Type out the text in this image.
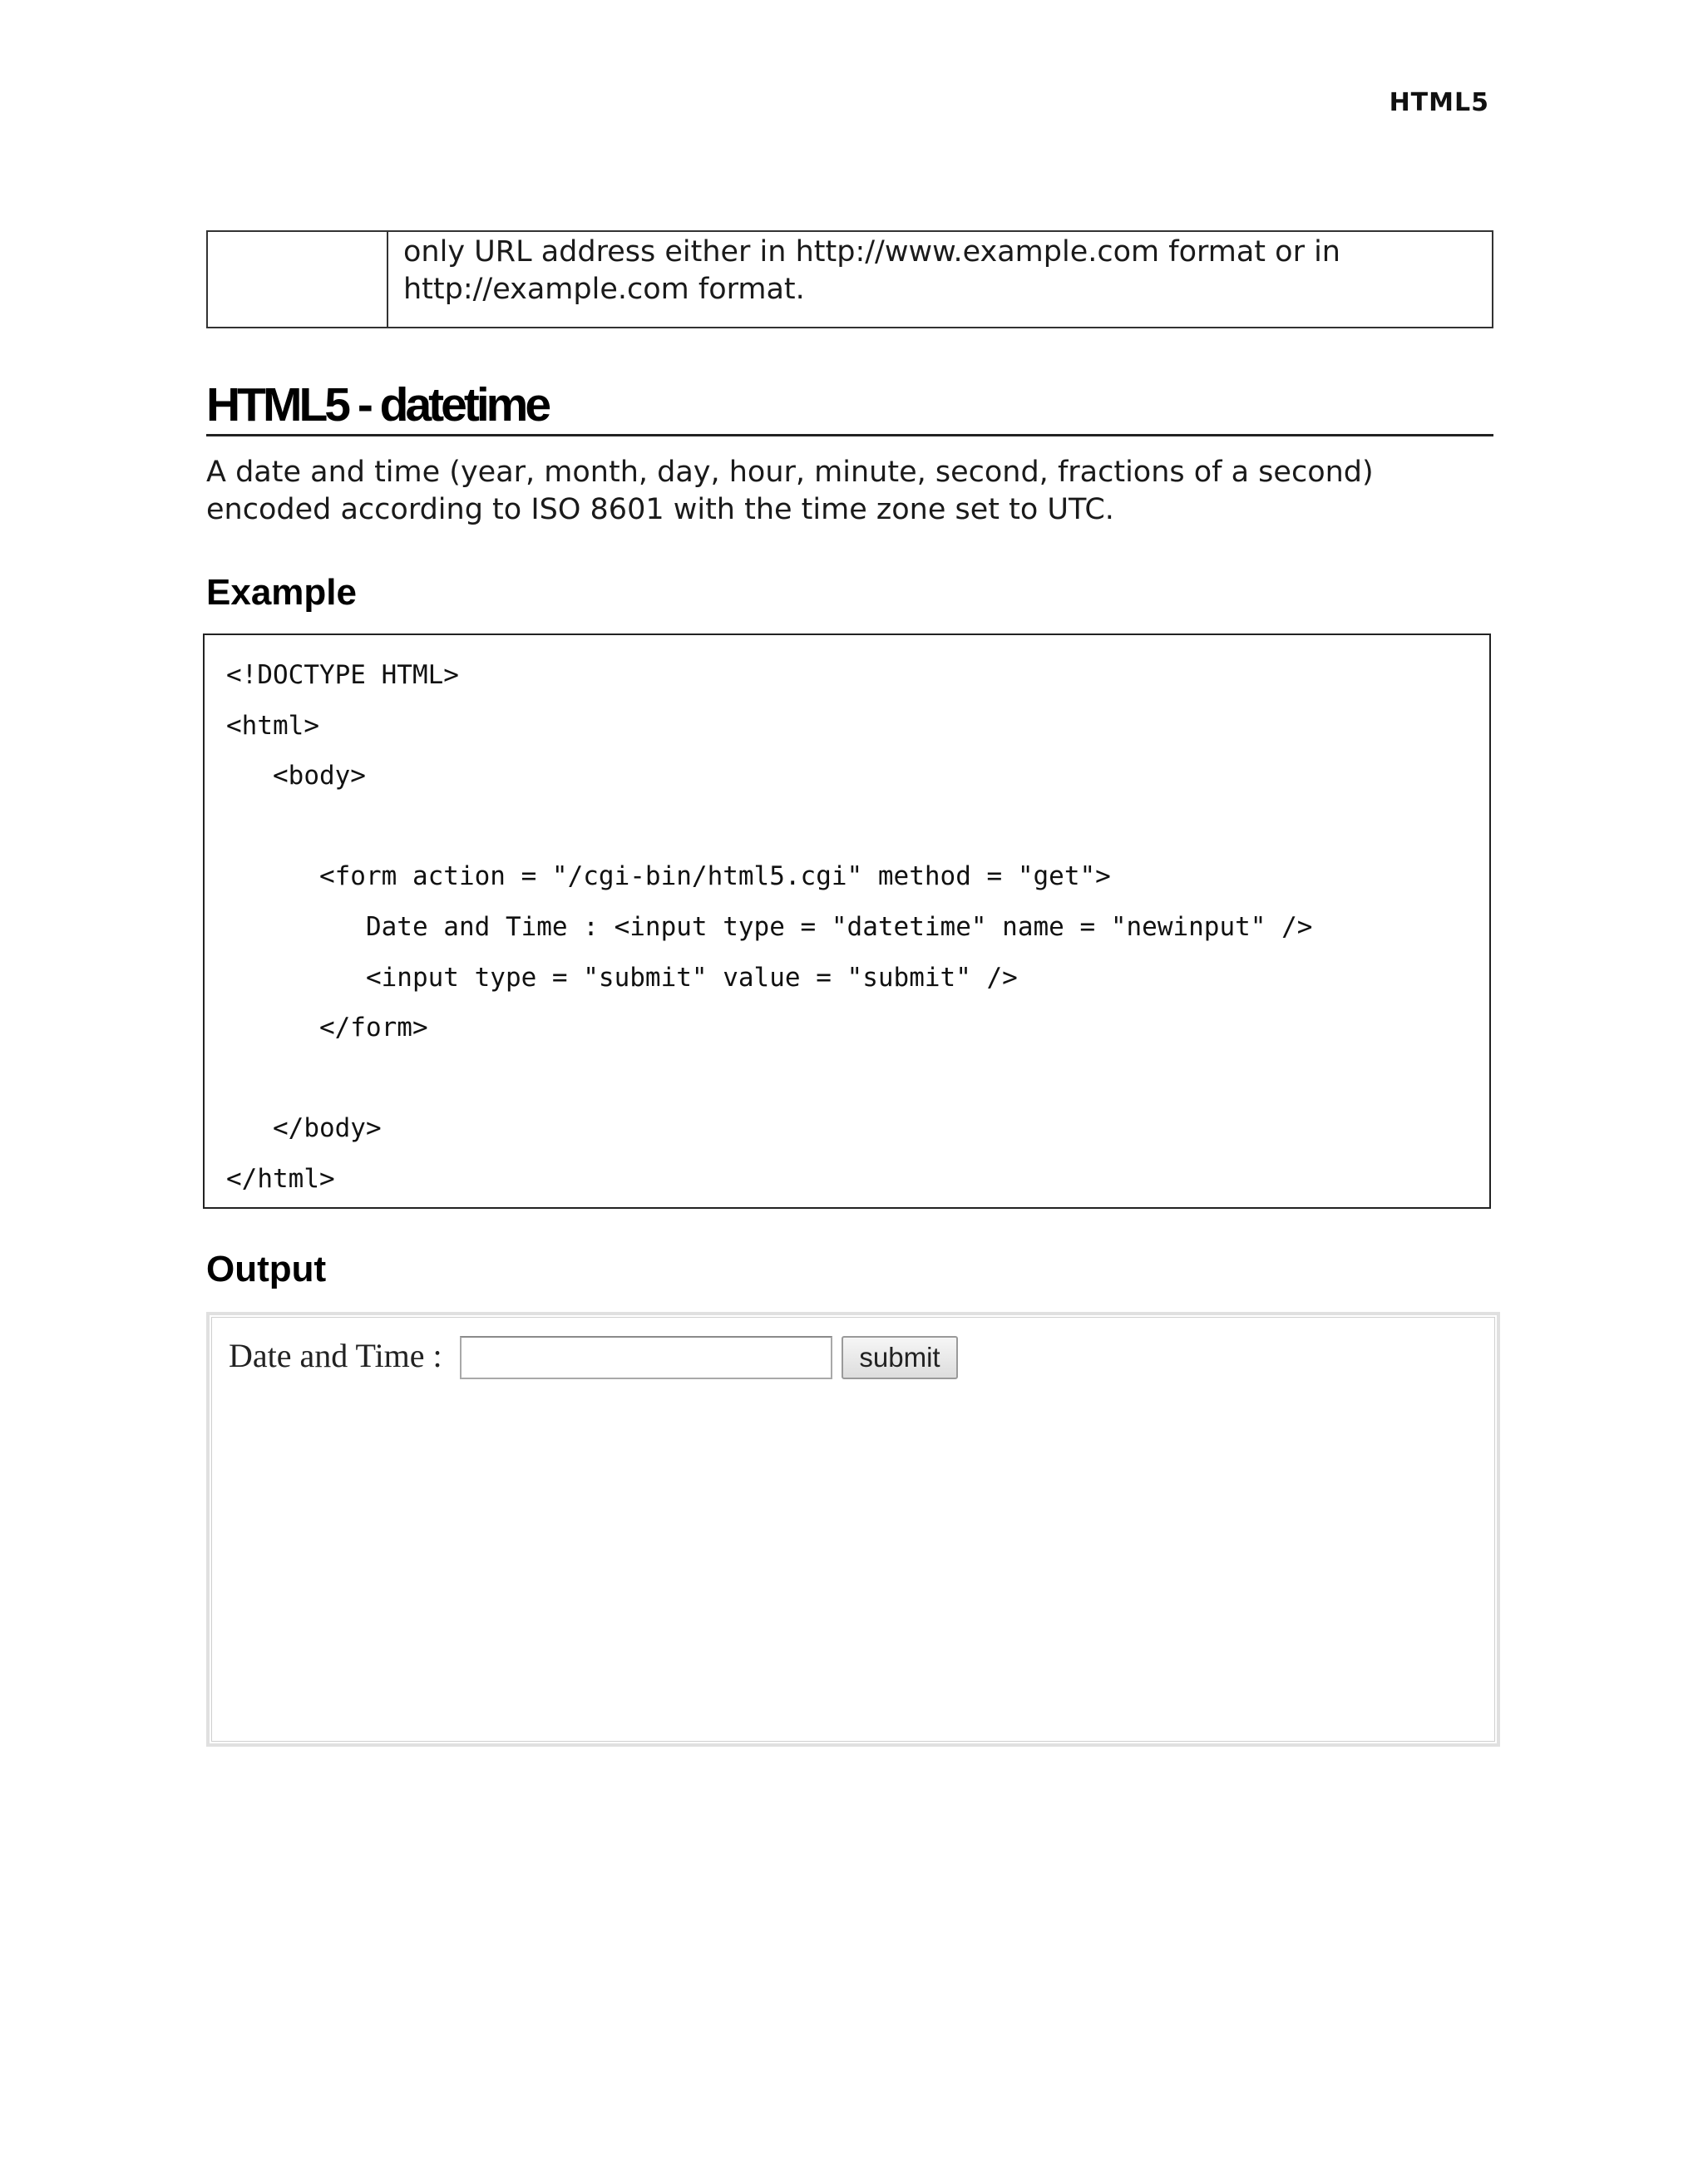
HTML5
only URL address either in http://www.example.com format or in http://example.com format.
HTML5 - datetime
A date and time (year, month, day, hour, minute, second, fractions of a second) encoded according to ISO 8601 with the time zone set to UTC.
Example
<!DOCTYPE HTML>
<html>
<body>
<form action = "/cgi-bin/html5.cgi" method = "get">
Date and Time : <input type = "datetime" name = "newinput" />
<input type = "submit" value = "submit" />
</form>
</body>
</html>
Output
Date and Time :	submit
